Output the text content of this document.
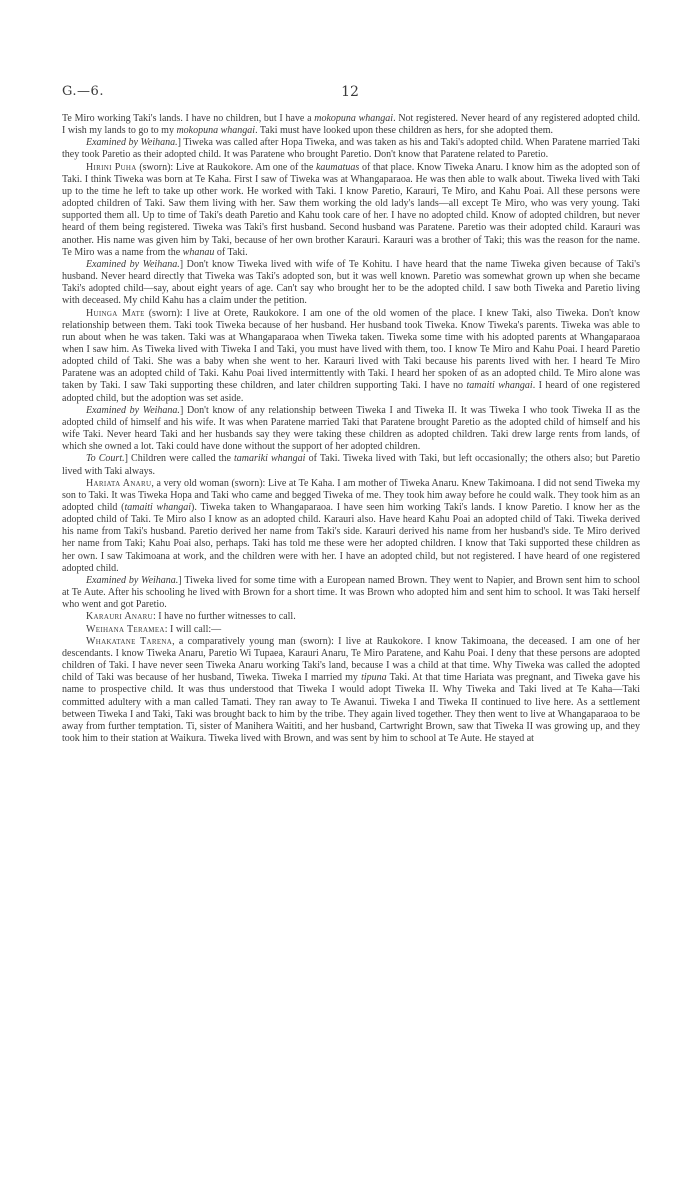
G.—6.	12

Te Miro working Taki's lands. I have no children, but I have a mokopuna whangai. Not registered. Never heard of any registered adopted child. I wish my lands to go to my mokopuna whangai. Taki must have looked upon these children as hers, for she adopted them.

Examined by Weihana.] Tiweka was called after Hopa Tiweka, and was taken as his and Taki's adopted child. When Paratene married Taki they took Paretio as their adopted child. It was Paratene who brought Paretio. Don't know that Paratene related to Paretio.

Hirini Puha (sworn): Live at Raukokore. Am one of the kaumatuas of that place. Know Tiweka Anaru. I know him as the adopted son of Taki. I think Tiweka was born at Te Kaha. First I saw of Tiweka was at Whangaparaoa. He was then able to walk about. Tiweka lived with Taki up to the time he left to take up other work. He worked with Taki. I know Paretio, Karauri, Te Miro, and Kahu Poai. All these persons were adopted children of Taki. Saw them living with her. Saw them working the old lady's lands—all except Te Miro, who was very young. Taki supported them all. Up to time of Taki's death Paretio and Kahu took care of her. I have no adopted child. Know of adopted children, but never heard of them being registered. Tiweka was Taki's first husband. Second husband was Paratene. Paretio was their adopted child. Karauri was another. His name was given him by Taki, because of her own brother Karauri. Karauri was a brother of Taki; this was the reason for the name. Te Miro was a name from the whanau of Taki.

Examined by Weihana.] Don't know Tiweka lived with wife of Te Kohitu. I have heard that the name Tiweka given because of Taki's husband. Never heard directly that Tiweka was Taki's adopted son, but it was well known. Paretio was somewhat grown up when she became Taki's adopted child—say, about eight years of age. Can't say who brought her to be the adopted child. I saw both Tiweka and Paretio living with deceased. My child Kahu has a claim under the petition.

Huinga Mate (sworn): I live at Orete, Raukokore. I am one of the old women of the place. I knew Taki, also Tiweka. Don't know relationship between them. Taki took Tiweka because of her husband. Her husband took Tiweka. Know Tiweka's parents. Tiweka was able to run about when he was taken. Taki was at Whangaparaoa when Tiweka taken. Tiweka some time with his adopted parents at Whangaparaoa when I saw him. As Tiweka lived with Tiweka I and Taki, you must have lived with them, too. I know Te Miro and Kahu Poai. I heard Paretio adopted child of Taki. She was a baby when she went to her. Karauri lived with Taki because his parents lived with her. I heard Te Miro Paratene was an adopted child of Taki. Kahu Poai lived intermittently with Taki. I heard her spoken of as an adopted child. Te Miro alone was taken by Taki. I saw Taki supporting these children, and later children supporting Taki. I have no tamaiti whangai. I heard of one registered adopted child, but the adoption was set aside.

Examined by Weihana.] Don't know of any relationship between Tiweka I and Tiweka II. It was Tiweka I who took Tiweka II as the adopted child of himself and his wife. It was when Paratene married Taki that Paratene brought Paretio as the adopted child of himself and his wife Taki. Never heard Taki and her husbands say they were taking these children as adopted children. Taki drew large rents from lands, of which she owned a lot. Taki could have done without the support of her adopted children.

To Court.] Children were called the tamariki whangai of Taki. Tiweka lived with Taki, but left occasionally; the others also; but Paretio lived with Taki always.

Hariata Anaru, a very old woman (sworn): Live at Te Kaha. I am mother of Tiweka Anaru. Knew Takimoana. I did not send Tiweka my son to Taki. It was Tiweka Hopa and Taki who came and begged Tiweka of me. They took him away before he could walk. They took him as an adopted child (tamaiti whangai). Tiweka taken to Whangaparaoa. I have seen him working Taki's lands. I know Paretio. I know her as the adopted child of Taki. Te Miro also I know as an adopted child. Karauri also. Have heard Kahu Poai an adopted child of Taki. Tiweka derived his name from Taki's husband. Paretio derived her name from Taki's side. Karauri derived his name from her husband's side. Te Miro derived her name from Taki; Kahu Poai also, perhaps. Taki has told me these were her adopted children. I know that Taki supported these children as her own. I saw Takimoana at work, and the children were with her. I have an adopted child, but not registered. I have heard of one registered adopted child.

Examined by Weihana.] Tiweka lived for some time with a European named Brown. They went to Napier, and Brown sent him to school at Te Aute. After his schooling he lived with Brown for a short time. It was Brown who adopted him and sent him to school. It was Taki herself who went and got Paretio.

Karauri Anaru: I have no further witnesses to call.

Weihana Teramea: I will call:—

Whakatane Tarena, a comparatively young man (sworn): I live at Raukokore. I know Takimoana, the deceased. I am one of her descendants. I know Tiweka Anaru, Paretio Wi Tupaea, Karauri Anaru, Te Miro Paratene, and Kahu Poai. I deny that these persons are adopted children of Taki. I have never seen Tiweka Anaru working Taki's land, because I was a child at that time. Why Tiweka was called the adopted child of Taki was because of her husband, Tiweka. Tiweka I married my tipuna Taki. At that time Hariata was pregnant, and Tiweka gave his name to prospective child. It was thus understood that Tiweka I would adopt Tiweka II. Why Tiweka and Taki lived at Te Kaha—Taki committed adultery with a man called Tamati. They ran away to Te Awanui. Tiweka I and Tiweka II continued to live here. As a settlement between Tiweka I and Taki, Taki was brought back to him by the tribe. They again lived together. They then went to live at Whangaparaoa to be away from further temptation. Ti, sister of Manihera Waititi, and her husband, Cartwright Brown, saw that Tiweka II was growing up, and they took him to their station at Waikura. Tiweka lived with Brown, and was sent by him to school at Te Aute. He stayed at
